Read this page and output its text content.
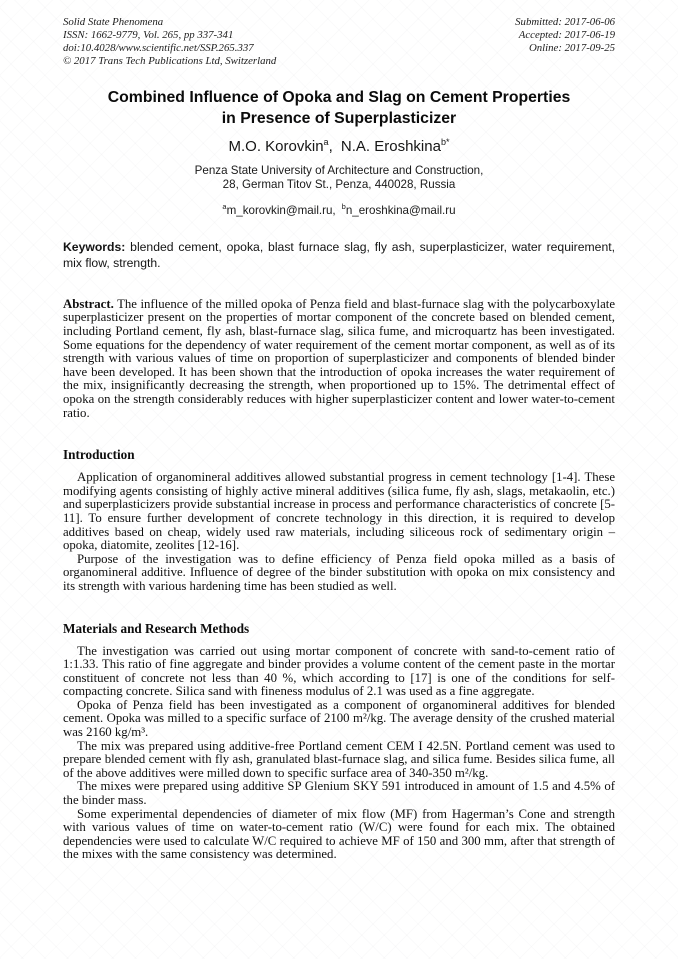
Solid State Phenomena
ISSN: 1662-9779, Vol. 265, pp 337-341
doi:10.4028/www.scientific.net/SSP.265.337
© 2017 Trans Tech Publications Ltd, Switzerland
Submitted: 2017-06-06
Accepted: 2017-06-19
Online: 2017-09-25
Combined Influence of Opoka and Slag on Cement Properties
in Presence of Superplasticizer
M.O. Korovkin$^a$, N.A. Eroshkina$^{b*}$
Penza State University of Architecture and Construction,
28, German Titov St., Penza, 440028, Russia
$^a$m_korovkin@mail.ru, $^b$n_eroshkina@mail.ru
Keywords: blended cement, opoka, blast furnace slag, fly ash, superplasticizer, water requirement, mix flow, strength.
Abstract. The influence of the milled opoka of Penza field and blast-furnace slag with the polycarboxylate superplasticizer present on the properties of mortar component of the concrete based on blended cement, including Portland cement, fly ash, blast-furnace slag, silica fume, and microquartz has been investigated. Some equations for the dependency of water requirement of the cement mortar component, as well as of its strength with various values of time on proportion of superplasticizer and components of blended binder have been developed. It has been shown that the introduction of opoka increases the water requirement of the mix, insignificantly decreasing the strength, when proportioned up to 15%. The detrimental effect of opoka on the strength considerably reduces with higher superplasticizer content and lower water-to-cement ratio.
Introduction

Application of organomineral additives allowed substantial progress in cement technology [1-4]. These modifying agents consisting of highly active mineral additives (silica fume, fly ash, slags, metakaolin, etc.) and superplasticizers provide substantial increase in process and performance characteristics of concrete [5-11]. To ensure further development of concrete technology in this direction, it is required to develop additives based on cheap, widely used raw materials, including siliceous rock of sedimentary origin – opoka, diatomite, zeolites [12-16].

Purpose of the investigation was to define efficiency of Penza field opoka milled as a basis of organomineral additive. Influence of degree of the binder substitution with opoka on mix consistency and its strength with various hardening time has been studied as well.

Materials and Research Methods

The investigation was carried out using mortar component of concrete with sand-to-cement ratio of 1:1.33. This ratio of fine aggregate and binder provides a volume content of the cement paste in the mortar constituent of concrete not less than 40 %, which according to [17] is one of the conditions for self-compacting concrete. Silica sand with fineness modulus of 2.1 was used as a fine aggregate.

Opoka of Penza field has been investigated as a component of organomineral additives for blended cement. Opoka was milled to a specific surface of 2100 m²/kg. The average density of the crushed material was 2160 kg/m³.

The mix was prepared using additive-free Portland cement CEM I 42.5N. Portland cement was used to prepare blended cement with fly ash, granulated blast-furnace slag, and silica fume. Besides silica fume, all of the above additives were milled down to specific surface area of 340-350 m²/kg.

The mixes were prepared using additive SP Glenium SKY 591 introduced in amount of 1.5 and 4.5% of the binder mass.

Some experimental dependencies of diameter of mix flow (MF) from Hagerman’s Cone and strength with various values of time on water-to-cement ratio (W/C) were found for each mix. The obtained dependencies were used to calculate W/C required to achieve MF of 150 and 300 mm, after that strength of the mixes with the same consistency was determined.
